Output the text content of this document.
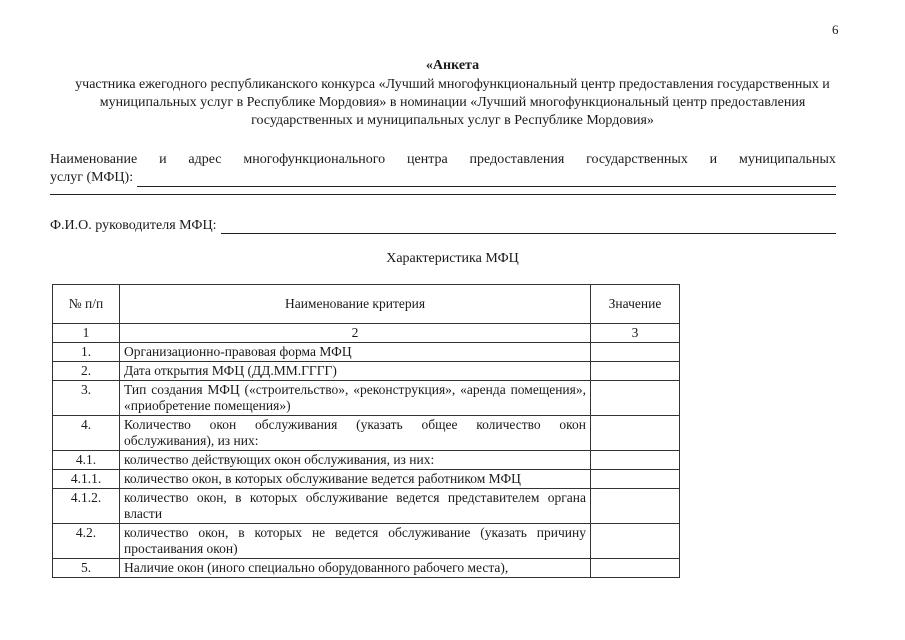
6
«Анкета
участника ежегодного республиканского конкурса «Лучший многофункциональный центр предоставления государственных и муниципальных услуг в Республике Мордовия» в номинации «Лучший многофункциональный центр предоставления государственных и муниципальных услуг в Республике Мордовия»
Наименование и адрес многофункционального центра предоставления государственных и муниципальных
услуг (МФЦ):
Ф.И.О. руководителя МФЦ:
Характеристика МФЦ
№ п/п	Наименование критерия	Значение
1	2	3
1.	Организационно-правовая форма МФЦ	
2.	Дата открытия МФЦ (ДД.ММ.ГГГГ)	
3.	Тип создания МФЦ («строительство», «реконструкция», «аренда помещения», «приобретение помещения»)	
4.	Количество окон обслуживания (указать общее количество окон обслуживания), из них:	
4.1.	количество действующих окон обслуживания, из них:	
4.1.1.	количество окон, в которых обслуживание ведется работником МФЦ	
4.1.2.	количество окон, в которых обслуживание ведется представителем органа власти	
4.2.	количество окон, в которых не ведется обслуживание (указать причину простаивания окон)	
5.	Наличие окон (иного специально оборудованного рабочего места),	
